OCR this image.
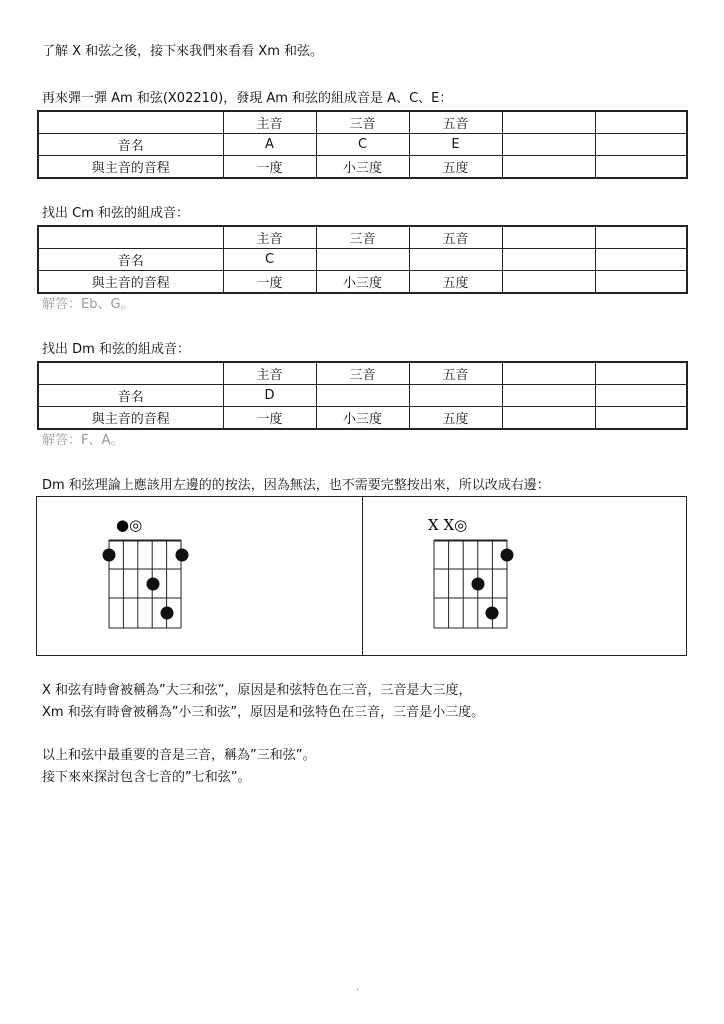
了解 X 和弦之後，接下來我們來看看 Xm 和弦。
再來彈一彈 Am 和弦(X02210)，發現 Am 和弦的組成音是 A、C、E：
	主音	三音	五音		
音名	A	C	E		
與主音的音程	一度	小三度	五度		
找出 Cm 和弦的組成音：
	主音	三音	五音		
音名	C				
與主音的音程	一度	小三度	五度		
解答：Eb、G。
找出 Dm 和弦的組成音：
	主音	三音	五音		
音名	D				
與主音的音程	一度	小三度	五度		
解答：F、A。
Dm 和弦理論上應該用左邊的的按法，因為無法，也不需要完整按出來，所以改成右邊：
●◎	X X◎
X 和弦有時會被稱為”大三和弦”，原因是和弦特色在三音，三音是大三度，
Xm 和弦有時會被稱為”小三和弦”，原因是和弦特色在三音，三音是小三度。
以上和弦中最重要的音是三音，稱為”三和弦”。
接下來來探討包含七音的”七和弦”。
.
